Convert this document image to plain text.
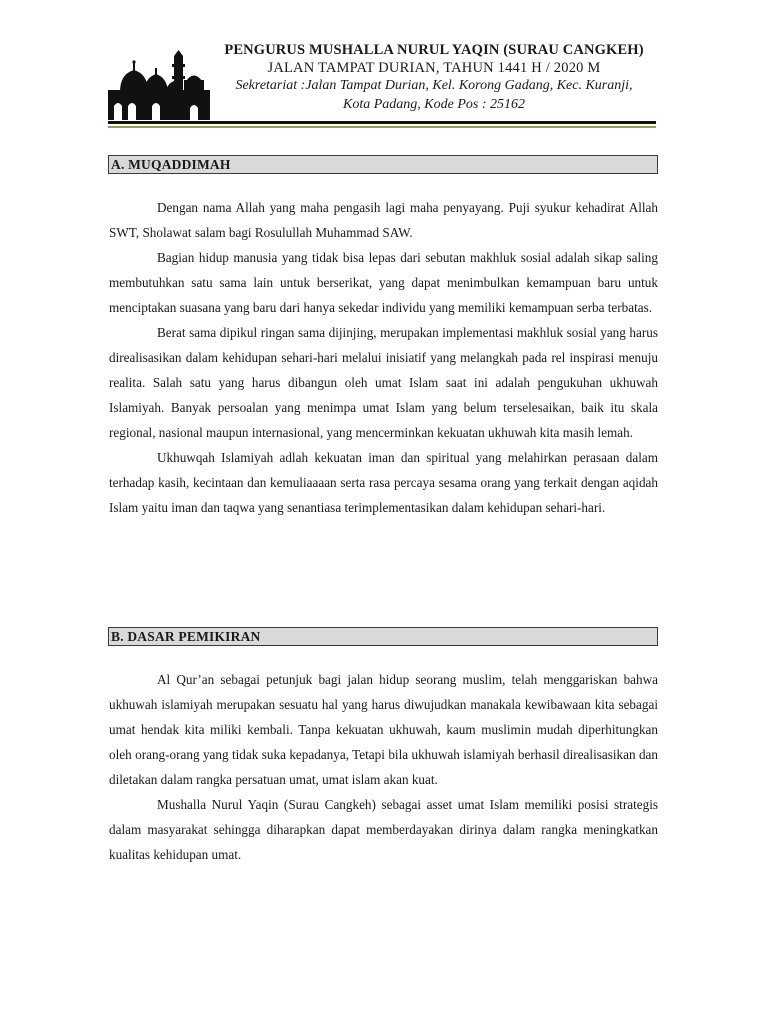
PENGURUS MUSHALLA NURUL YAQIN (SURAU CANGKEH)
JALAN TAMPAT DURIAN, TAHUN 1441 H / 2020 M
Sekretariat :Jalan Tampat Durian, Kel. Korong Gadang, Kec. Kuranji,
Kota Padang, Kode Pos : 25162
A. MUQADDIMAH

Dengan nama Allah yang maha pengasih lagi maha penyayang. Puji syukur kehadirat Allah SWT, Sholawat salam bagi Rosulullah Muhammad SAW.

Bagian hidup manusia yang tidak bisa lepas dari sebutan makhluk sosial adalah sikap saling membutuhkan satu sama lain untuk berserikat, yang dapat menimbulkan kemampuan baru untuk menciptakan suasana yang baru dari hanya sekedar individu yang memiliki kemampuan serba terbatas.

Berat sama dipikul ringan sama dijinjing, merupakan implementasi makhluk sosial yang harus direalisasikan dalam kehidupan sehari-hari melalui inisiatif yang melangkah pada rel inspirasi menuju realita. Salah satu yang harus dibangun oleh umat Islam saat ini adalah pengukuhan ukhuwah Islamiyah. Banyak persoalan yang menimpa umat Islam yang belum terselesaikan, baik itu skala regional, nasional maupun internasional, yang mencerminkan kekuatan ukhuwah kita masih lemah.

Ukhuwqah Islamiyah adlah kekuatan iman dan spiritual yang melahirkan perasaan dalam terhadap kasih, kecintaan dan kemuliaaaan serta rasa percaya sesama orang yang terkait dengan aqidah Islam yaitu iman dan taqwa yang senantiasa terimplementasikan dalam kehidupan sehari-hari.

B. DASAR PEMIKIRAN

Al Qur’an sebagai petunjuk bagi jalan hidup seorang muslim, telah menggariskan bahwa ukhuwah islamiyah merupakan sesuatu hal yang harus diwujudkan manakala kewibawaan kita sebagai umat hendak kita miliki kembali. Tanpa kekuatan ukhuwah, kaum muslimin mudah diperhitungkan oleh orang-orang yang tidak suka kepadanya, Tetapi bila ukhuwah islamiyah berhasil direalisasikan dan diletakan dalam rangka persatuan umat, umat islam akan kuat.

Mushalla Nurul Yaqin (Surau Cangkeh) sebagai asset umat Islam memiliki posisi strategis dalam masyarakat sehingga diharapkan dapat memberdayakan dirinya dalam rangka meningkatkan kualitas kehidupan umat.
